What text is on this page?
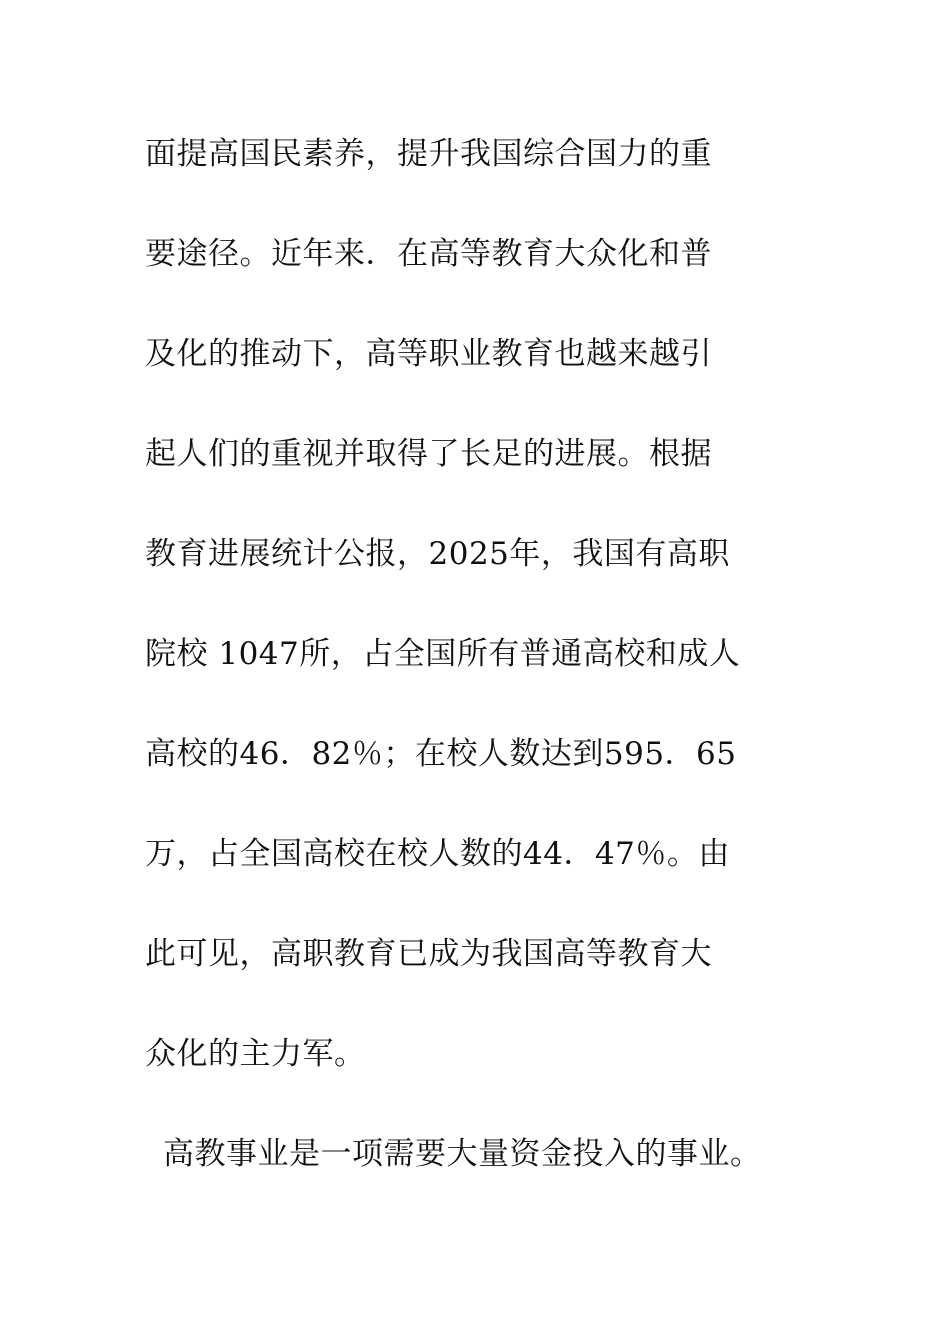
面提高国民素养，提升我国综合国力的重
要途径。近年来．在高等教育大众化和普
及化的推动下，高等职业教育也越来越引
起人们的重视并取得了长足的进展。根据
教育进展统计公报，2025年，我国有高职
院校 1047所，占全国所有普通高校和成人
高校的46．82％；在校人数达到595．65
万，占全国高校在校人数的44．47％。由
此可见，高职教育已成为我国高等教育大
众化的主力军。
高教事业是一项需要大量资金投入的事业。
